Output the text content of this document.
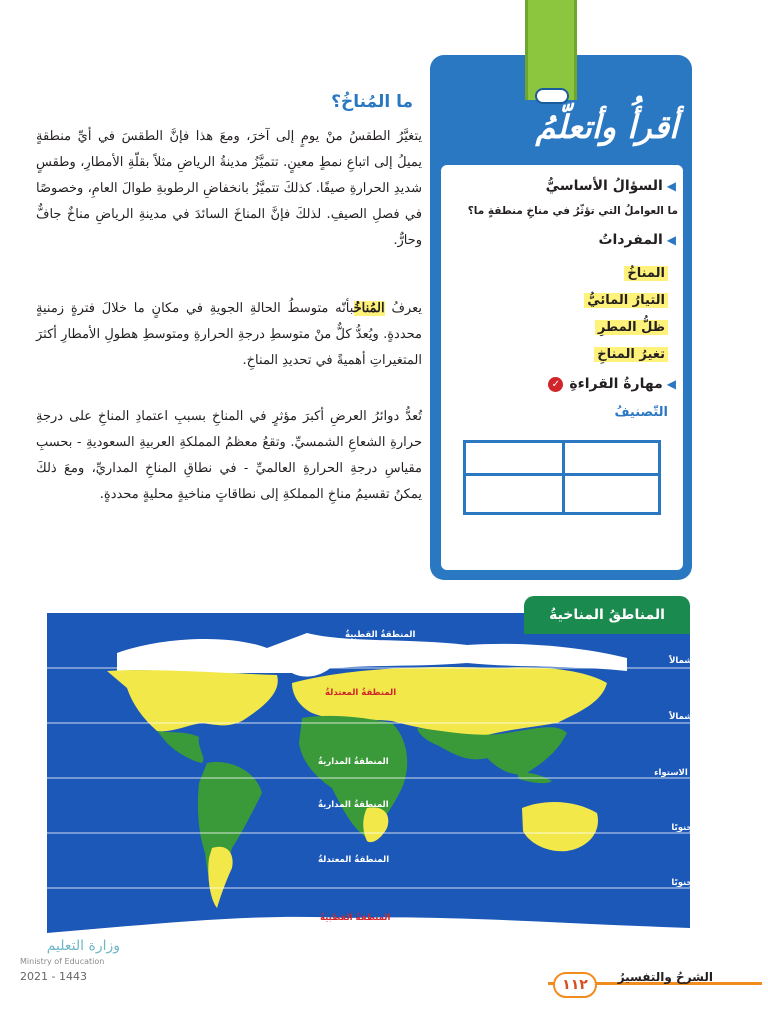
أقرأُ وأتعلّمُ
◀السؤالُ الأساسيُّ
ما العواملُ التي تؤثّرُ في مناخِ منطقةٍ ما؟
◀المفرداتُ
المناخُ
التيارُ المائيُّ
ظلُّ المطرِ
تغيرُ المناخِ
◀مهارةُ القراءةِ✓
التّصنيفُ
ما المُناخُ؟
يتغيَّرُ الطقسُ منْ يومٍ إلى آخرَ، ومعَ هذا فإنَّ الطقسَ في أيِّ منطقةٍ يميلُ إلى اتباعِ نمطٍ معينٍ. تتميَّزُ مدينةُ الرياضِ مثلاً بقلّةِ الأمطارِ، وطقسٍ شديدِ الحرارةِ صيفًا. كذلكَ تتميَّزُ بانخفاضِ الرطوبةِ طوالَ العامِ، وخصوصًا في فصلِ الصيفِ. لذلكَ فإنَّ المناخَ السائدَ في مدينةِ الرياضِ مناخٌ جافٌّ وحارٌّ.
يعرفُ المُناخُبأنّه متوسطُ الحالةِ الجويةِ في مكانٍ ما خلالَ فترةٍ زمنيةٍ محددةٍ. ويُعدُّ كلٌّ منْ متوسطِ درجةِ الحرارةِ ومتوسطِ هطولِ الأمطارِ أكثرَ المتغيراتِ أهميةً في تحديدِ المناخِ.
تُعدُّ دوائرُ العرضِ أكبرَ مؤثرٍ في المناخِ بسببِ اعتمادِ المناخِ على درجةِ حرارةِ الشعاعِ الشمسيِّ. وتقعُ معظمُ المملكةِ العربيةِ السعوديةِ - بحسبِ مقياسِ درجةِ الحرارةِ العالميِّ - في نطاقِ المناخِ المداريِّ، ومعَ ذلكَ يمكنُ تقسيمُ مناخِ المملكةِ إلى نطاقاتٍ مناخيةٍ محليةٍ محددةٍ.
المناطقُ المناخيةُ
المنطقةُ القطبيةُ
المنطقةُ المعتدلةُ
المنطقةُ المداريةُ
المنطقةُ المداريةُ
المنطقةُ المعتدلةُ
المنطقةُ القطبيةُ
٦٠ شمالاً
٣٠ شمالاً
خط الاستواء
٣٠ جنوبًا
٦٠ جنوبًا
وزارة التعليم
Ministry of Education
2021 - 1443	الشرحُ والتفسيرُ
١١٢
